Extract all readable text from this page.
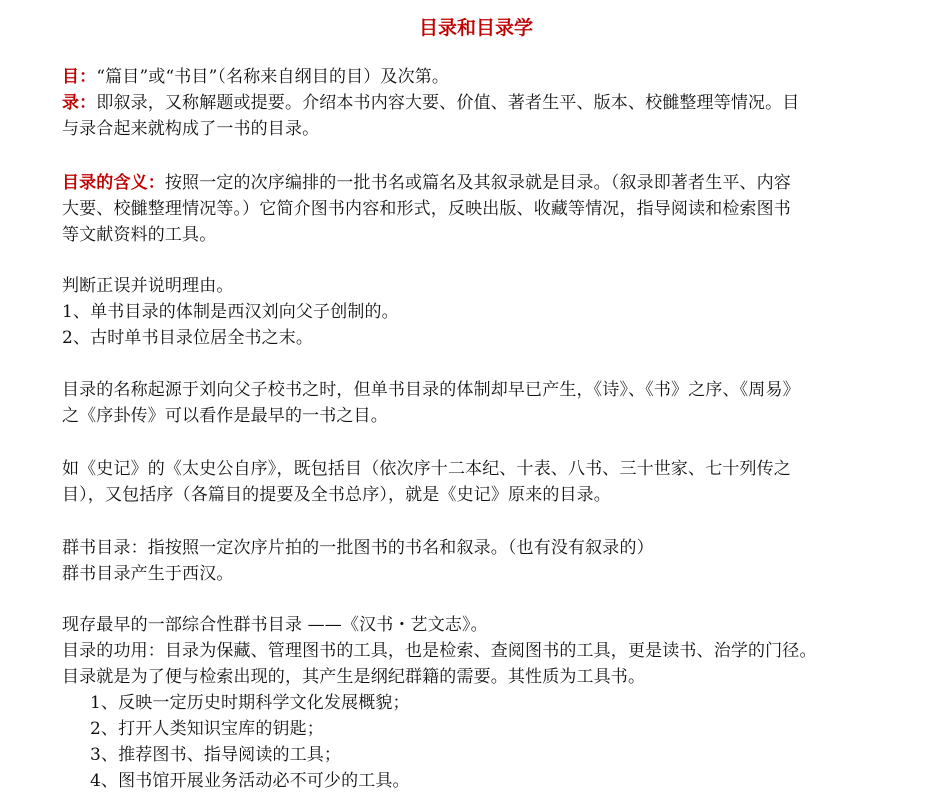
目录和目录学
目：“篇目”或“书目”（名称来自纲目的目）及次第。
录：即叙录，又称解题或提要。介绍本书内容大要、价值、著者生平、版本、校雠整理等情况。目
与录合起来就构成了一书的目录。
目录的含义：按照一定的次序编排的一批书名或篇名及其叙录就是目录。（叙录即著者生平、内容
大要、校雠整理情况等。）它简介图书内容和形式，反映出版、收藏等情况，指导阅读和检索图书
等文献资料的工具。
判断正误并说明理由。
1、单书目录的体制是西汉刘向父子创制的。
2、古时单书目录位居全书之末。
目录的名称起源于刘向父子校书之时，但单书目录的体制却早已产生，《诗》、《书》之序、《周易》
之《序卦传》可以看作是最早的一书之目。
如《史记》的《太史公自序》，既包括目（依次序十二本纪、十表、八书、三十世家、七十列传之
目），又包括序（各篇目的提要及全书总序），就是《史记》原来的目录。
群书目录：指按照一定次序片拍的一批图书的书名和叙录。（也有没有叙录的）
群书目录产生于西汉。
现存最早的一部综合性群书目录 ——《汉书・艺文志》。
目录的功用：目录为保藏、管理图书的工具，也是检索、查阅图书的工具，更是读书、治学的门径。
目录就是为了便与检索出现的，其产生是纲纪群籍的需要。其性质为工具书。
1、反映一定历史时期科学文化发展概貌；
2、打开人类知识宝库的钥匙；
3、推荐图书、指导阅读的工具；
4、图书馆开展业务活动必不可少的工具。
